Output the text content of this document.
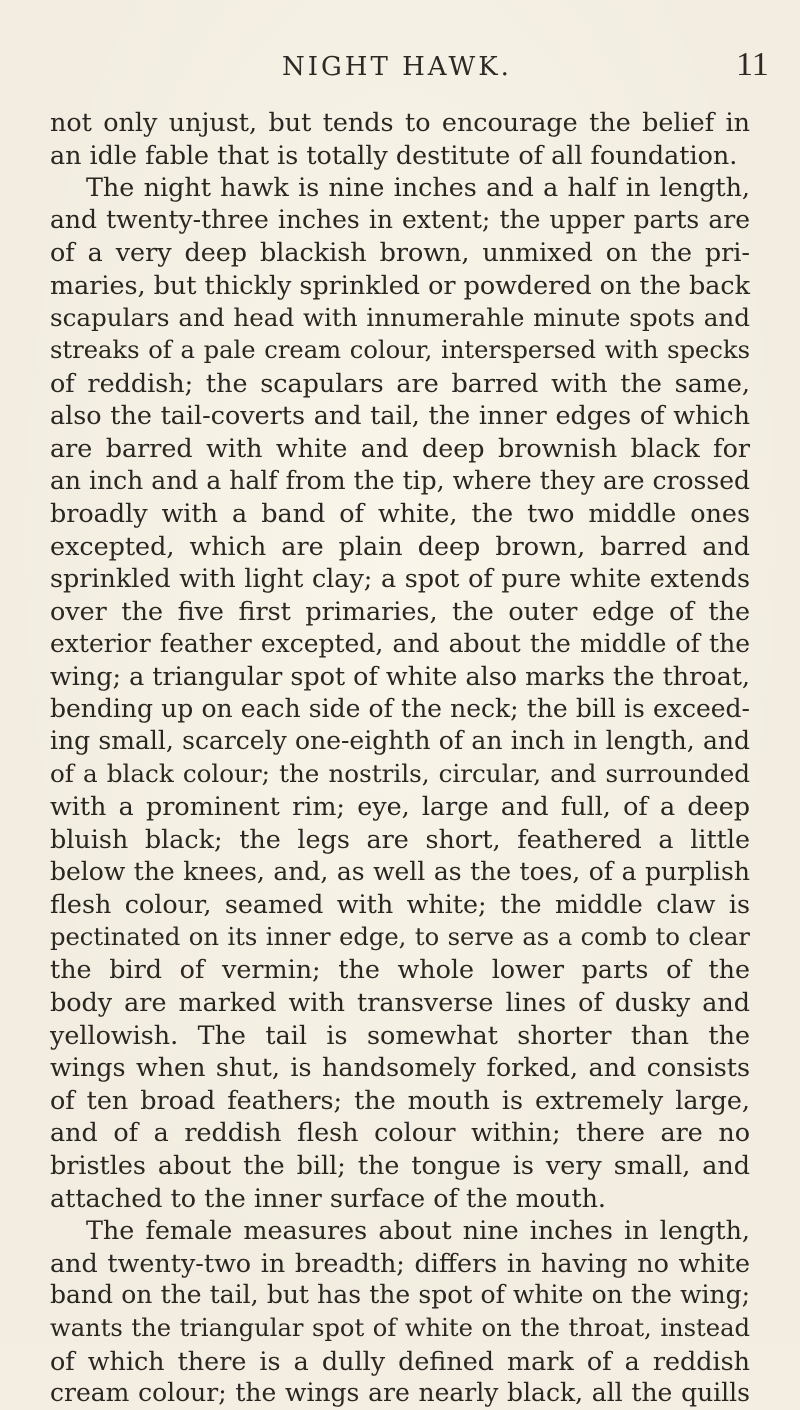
NIGHT HAWK.	11
not only unjust, but tends to encourage the belief in
an idle fable that is totally destitute of all foundation.
The night hawk is nine inches and a half in length,
and twenty-three inches in extent; the upper parts are
of a very deep blackish brown, unmixed on the pri-
maries, but thickly sprinkled or powdered on the back
scapulars and head with innumerahle minute spots and
streaks of a pale cream colour, interspersed with specks
of reddish; the scapulars are barred with the same,
also the tail-coverts and tail, the inner edges of which
are barred with white and deep brownish black for
an inch and a half from the tip, where they are crossed
broadly with a band of white, the two middle ones
excepted, which are plain deep brown, barred and
sprinkled with light clay; a spot of pure white extends
over the five first primaries, the outer edge of the
exterior feather excepted, and about the middle of the
wing; a triangular spot of white also marks the throat,
bending up on each side of the neck; the bill is exceed-
ing small, scarcely one-eighth of an inch in length, and
of a black colour; the nostrils, circular, and surrounded
with a prominent rim; eye, large and full, of a deep
bluish black; the legs are short, feathered a little
below the knees, and, as well as the toes, of a purplish
flesh colour, seamed with white; the middle claw is
pectinated on its inner edge, to serve as a comb to clear
the bird of vermin; the whole lower parts of the
body are marked with transverse lines of dusky and
yellowish. The tail is somewhat shorter than the
wings when shut, is handsomely forked, and consists
of ten broad feathers; the mouth is extremely large,
and of a reddish flesh colour within; there are no
bristles about the bill; the tongue is very small, and
attached to the inner surface of the mouth.
The female measures about nine inches in length,
and twenty-two in breadth; differs in having no white
band on the tail, but has the spot of white on the wing;
wants the triangular spot of white on the throat, instead
of which there is a dully defined mark of a reddish
cream colour; the wings are nearly black, all the quills
